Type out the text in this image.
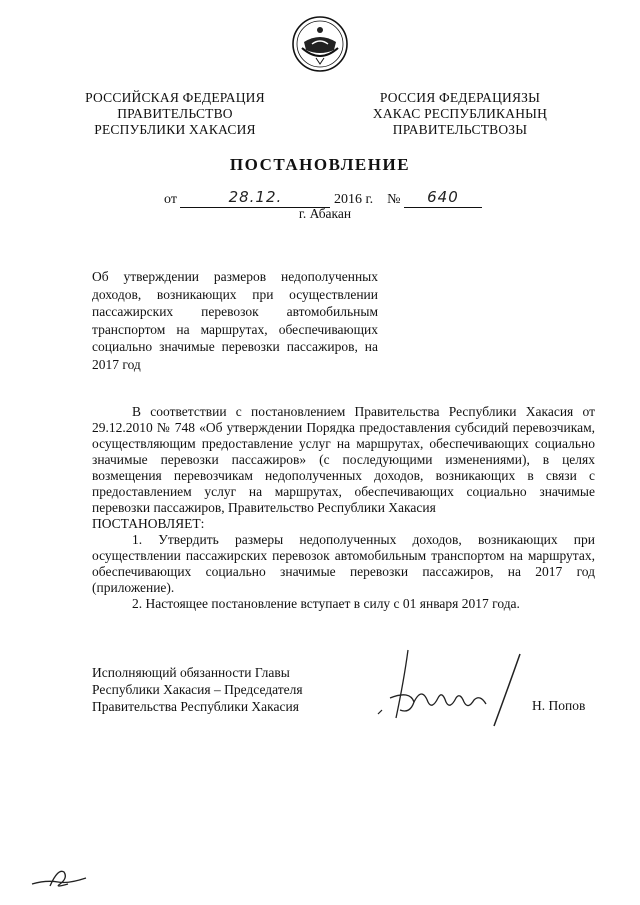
РОССИЙСКАЯ ФЕДЕРАЦИЯ
ПРАВИТЕЛЬСТВО
РЕСПУБЛИКИ ХАКАСИЯ
РОССИЯ ФЕДЕРАЦИЯЗЫ
ХАКАС РЕСПУБЛИКАНЫҢ
ПРАВИТЕЛЬСТВОЗЫ
ПОСТАНОВЛЕНИЕ
от	28.12.	2016 г. № 640
г. Абакан
Об утверждении размеров недополученных доходов, возникающих при осуществлении пассажирских перевозок автомобильным транспортом на маршрутах, обеспечивающих социально значимые перевозки пассажиров, на 2017 год

В соответствии с постановлением Правительства Республики Хакасия от 29.12.2010 № 748 «Об утверждении Порядка предоставления субсидий перевозчикам, осуществляющим предоставление услуг на маршрутах, обеспечивающих социально значимые перевозки пассажиров» (с последующими изменениями), в целях возмещения перевозчикам недополученных доходов, возникающих в связи с предоставлением услуг на маршрутах, обеспечивающих социально значимые перевозки пассажиров, Правительство Республики Хакасия

ПОСТАНОВЛЯЕТ:

1. Утвердить размеры недополученных доходов, возникающих при осуществлении пассажирских перевозок автомобильным транспортом на маршрутах, обеспечивающих социально значимые перевозки пассажиров, на 2017 год (приложение).

2. Настоящее постановление вступает в силу с 01 января 2017 года.

Исполняющий обязанности Главы
Республики Хакасия – Председателя
Правительства Республики Хакасия	Н. Попов
